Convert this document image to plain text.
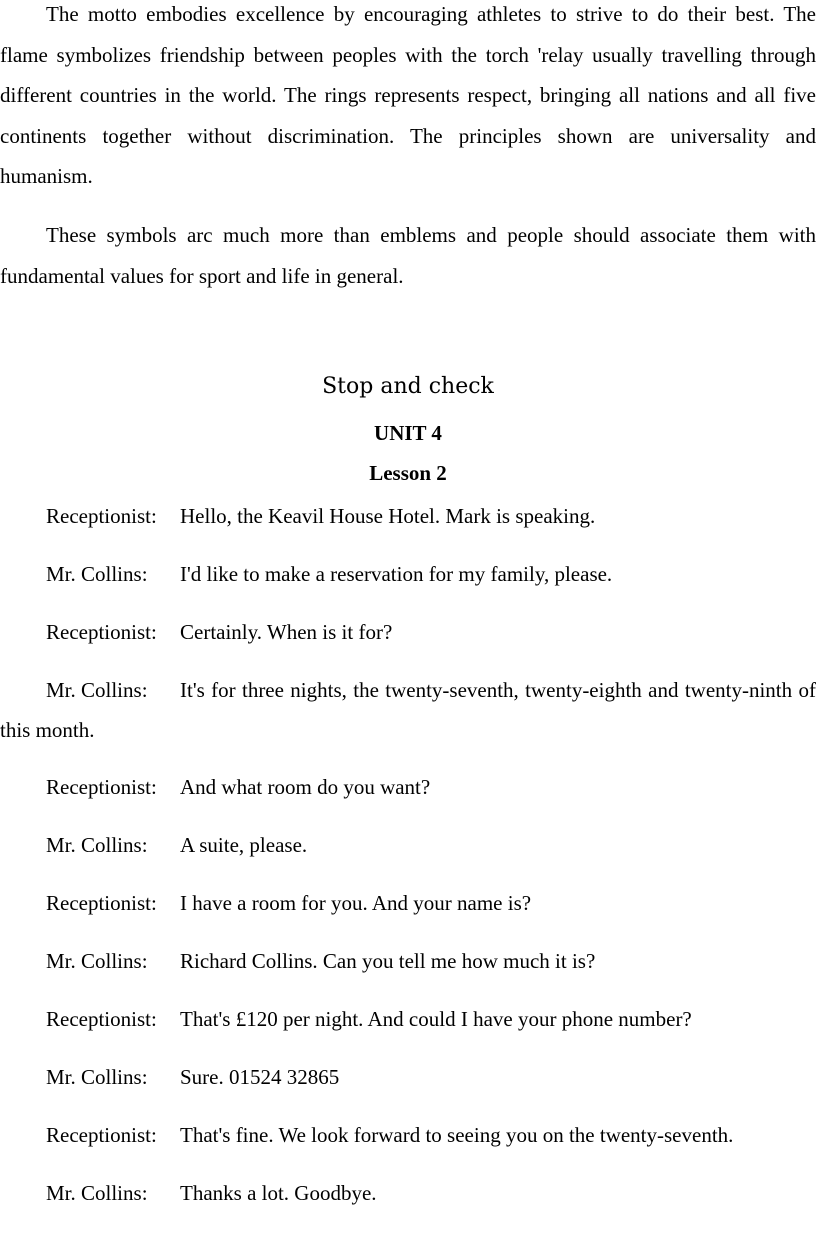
The motto embodies excellence by encouraging athletes to strive to do their best. The flame symbolizes friendship between peoples with the torch 'relay usually travelling through different countries in the world. The rings represents respect, bringing all nations and all five continents together without discrimination. The principles shown are universality and humanism.

These symbols arc much more than emblems and people should associate them with fundamental values for sport and life in general.

Stop and check

UNIT 4

Lesson 2

Receptionist: Hello, the Keavil House Hotel. Mark is speaking.
Mr. Collins: I'd like to make a reservation for my family, please.
Receptionist: Certainly. When is it for?

Mr. Collins: It's for three nights, the twenty-seventh, twenty-eighth and twenty-ninth of this month.

Receptionist: And what room do you want?
Mr. Collins: A suite, please.
Receptionist: I have a room for you. And your name is?
Mr. Collins: Richard Collins. Can you tell me how much it is?
Receptionist: That's £120 per night. And could I have your phone number?
Mr. Collins: Sure. 01524 32865
Receptionist: That's fine. We look forward to seeing you on the twenty-seventh.
Mr. Collins: Thanks a lot. Goodbye.
